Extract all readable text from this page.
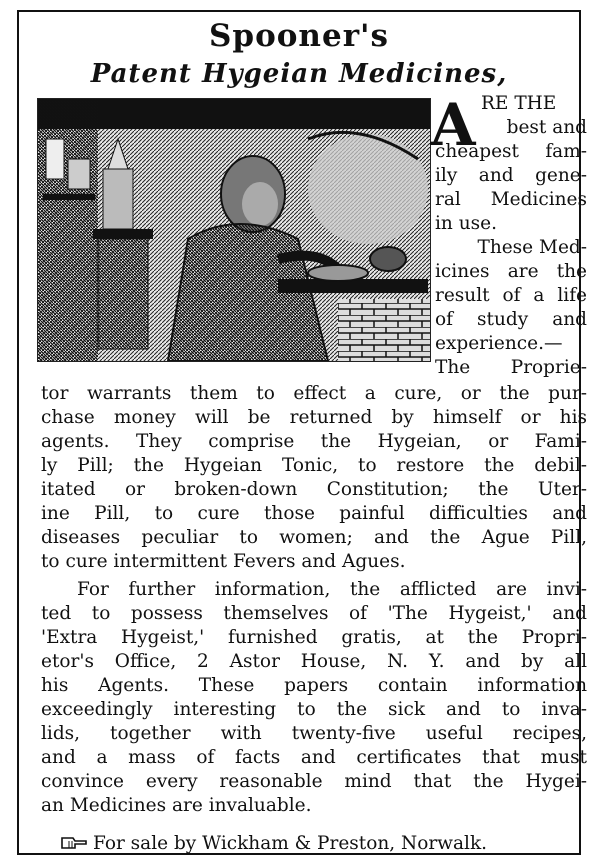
Spooner's
Patent Hygeian Medicines,
A RE THE
best and
cheapest fam-
ily and gene-
ral Medicines
in use.
These Med-
icines are the
result of a life
of study and
experience.—
The Proprie-
tor warrants them to effect a cure, or the pur-
chase money will be returned by himself or his
agents. They comprise the Hygeian, or Fami-
ly Pill; the Hygeian Tonic, to restore the debil-
itated or broken-down Constitution; the Uter-
ine Pill, to cure those painful difficulties and
diseases peculiar to women; and the Ague Pill,
to cure intermittent Fevers and Agues.
For further information, the afflicted are invi-
ted to possess themselves of 'The Hygeist,' and
'Extra Hygeist,' furnished gratis, at the Propri-
etor's Office, 2 Astor House, N. Y. and by all
his Agents. These papers contain information
exceedingly interesting to the sick and to inva-
lids, together with twenty-five useful recipes,
and a mass of facts and certificates that must
convince every reasonable mind that the Hygei-
an Medicines are invaluable.
For sale by Wickham & Preston, Norwalk.
